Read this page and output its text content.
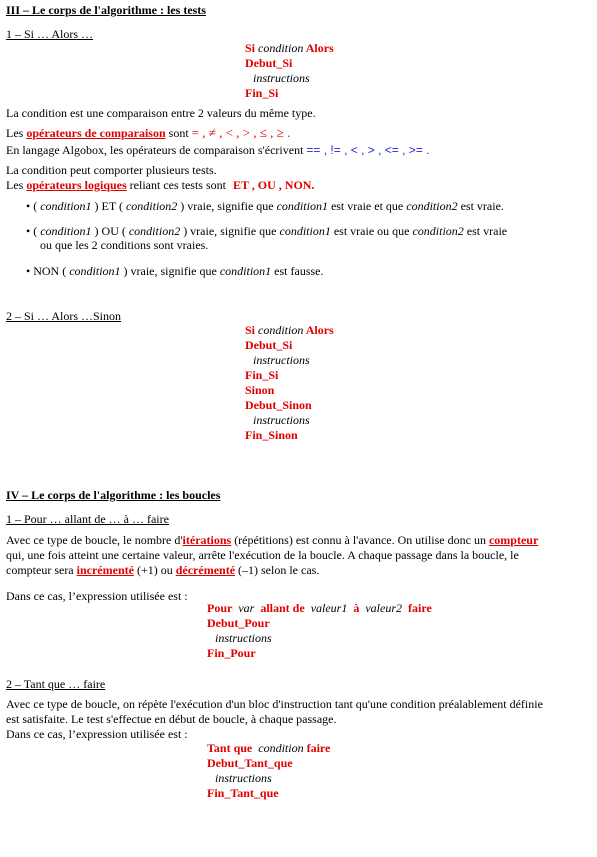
III – Le corps de l'algorithme : les tests
1 – Si … Alors …
Si condition Alors
Debut_Si
instructions
Fin_Si
La condition est une comparaison entre 2 valeurs du même type.
Les opérateurs de comparaison sont = , ≠ , < , > , ≤ , ≥ .
En langage Algobox, les opérateurs de comparaison s'écrivent == , != , < , > , <= , >= .
La condition peut comporter plusieurs tests.
Les opérateurs logiques reliant ces tests sont ET , OU , NON.
• ( condition1 ) ET ( condition2 ) vraie, signifie que condition1 est vraie et que condition2 est vraie.
• ( condition1 ) OU ( condition2 ) vraie, signifie que condition1 est vraie ou que condition2 est vraie
ou que les 2 conditions sont vraies.
• NON ( condition1 ) vraie, signifie que condition1 est fausse.
2 – Si … Alors …Sinon
Si condition Alors
Debut_Si
instructions
Fin_Si
Sinon
Debut_Sinon
instructions
Fin_Sinon
IV – Le corps de l'algorithme : les boucles
1 – Pour … allant de … à … faire
Avec ce type de boucle, le nombre d'itérations (répétitions) est connu à l'avance. On utilise donc un compteur
qui, une fois atteint une certaine valeur, arrête l'exécution de la boucle. A chaque passage dans la boucle, le
compteur sera incrémenté (+1) ou décrémenté (–1) selon le cas.
Dans ce cas, l’expression utilisée est :
Pour var allant de valeur1 à valeur2 faire
Debut_Pour
instructions
Fin_Pour
2 – Tant que … faire
Avec ce type de boucle, on répète l'exécution d'un bloc d'instruction tant qu'une condition préalablement définie
est satisfaite. Le test s'effectue en début de boucle, à chaque passage.
Dans ce cas, l’expression utilisée est :
Tant que condition faire
Debut_Tant_que
instructions
Fin_Tant_que
